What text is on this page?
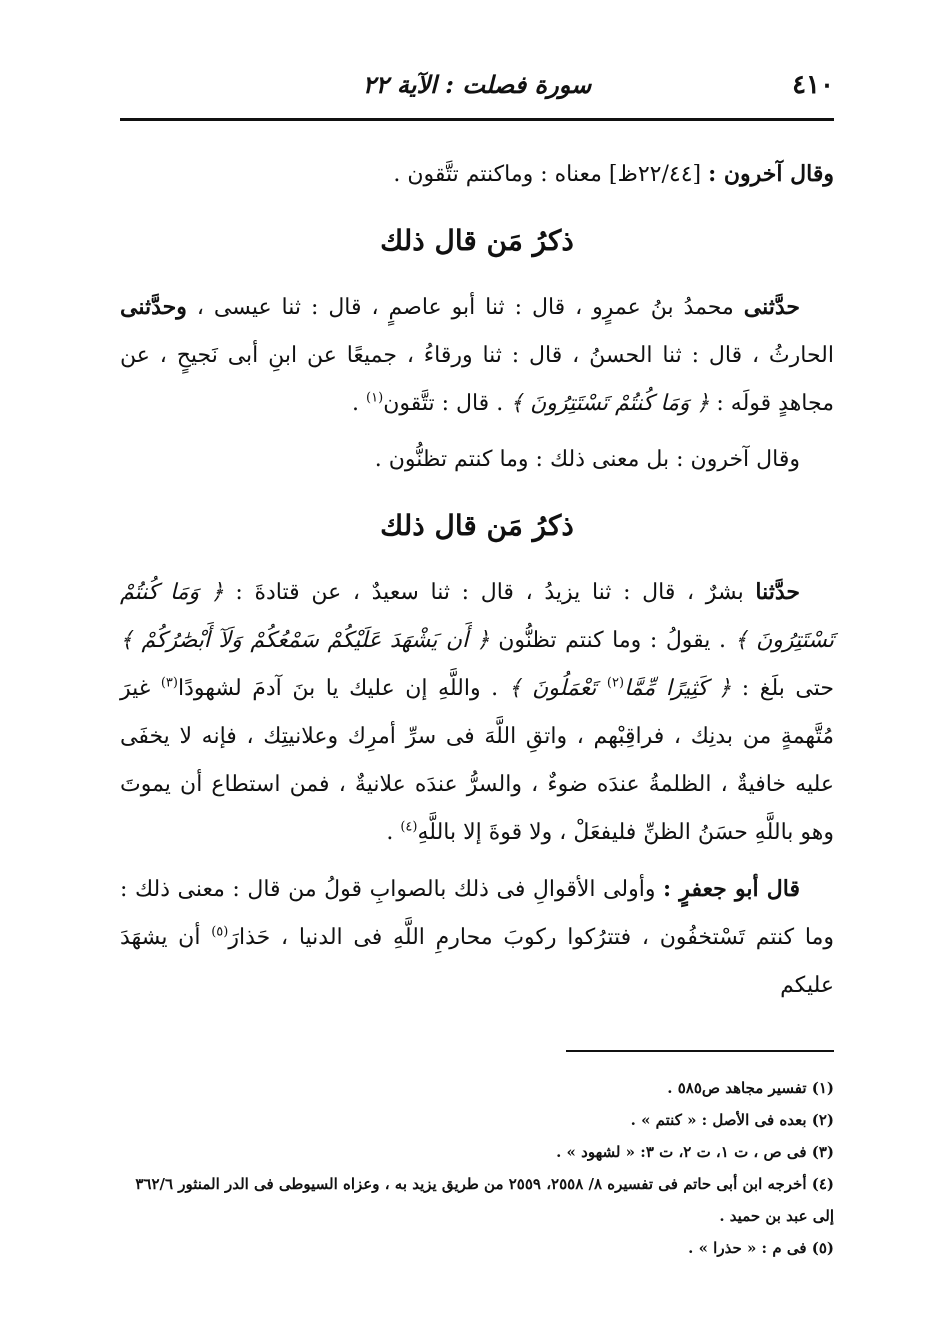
٤١٠
سورة فصلت : الآية ٢٢

وقال آخرون : [٢٢/٤٤ظ] معناه : وماكنتم تتَّقون .

ذكرُ مَن قال ذلك

حدَّثنى محمدُ بنُ عمرٍو ، قال : ثنا أبو عاصمٍ ، قال : ثنا عيسى ، وحدَّثنى الحارثُ ، قال : ثنا الحسنُ ، قال : ثنا ورقاءُ ، جميعًا عن ابنِ أبى نَجيحٍ ، عن مجاهدٍ قولَه : ﴿ وَمَا كُنتُمْ تَسْتَتِرُونَ ﴾ . قال : تتَّقون$^{(١)}$ .

وقال آخرون : بل معنى ذلك : وما كنتم تظنُّون .

ذكرُ مَن قال ذلك

حدَّثنا بشرٌ ، قال : ثنا يزيدُ ، قال : ثنا سعيدٌ ، عن قتادةَ : ﴿ وَمَا كُنتُمْ تَسْتَتِرُونَ ﴾ . يقولُ : وما كنتم تظنُّون ﴿ أَن يَشْهَدَ عَلَيْكُمْ سَمْعُكُمْ وَلَآ أَبْصَٰرُكُمْ ﴾ حتى بلَغ : ﴿ كَثِيرًا مِّمَّا$^{(٢)}$ تَعْمَلُونَ ﴾ . واللَّهِ إن عليك يا بنَ آدمَ لشهودًا$^{(٣)}$ غيرَ مُتَّهمةٍ من بدنِك ، فراقِبْهم ، واتقِ اللَّهَ فى سرِّ أمرِك وعلانيتِك ، فإنه لا يخفَى عليه خافيةٌ ، الظلمةُ عندَه ضوءٌ ، والسرُّ عندَه علانيةٌ ، فمن استطاع أن يموتَ وهو باللَّهِ حسَنُ الظنِّ فليفعَلْ ، ولا قوةَ إلا باللَّهِ$^{(٤)}$ .

قال أبو جعفرٍ : وأولى الأقوالِ فى ذلك بالصوابِ قولُ من قال : معنى ذلك : وما كنتم تَسْتخفُون ، فتترُكوا ركوبَ محارمِ اللَّهِ فى الدنيا ، حَذارَ$^{(٥)}$ أن يشهَدَ عليكم

(١) تفسير مجاهد ص٥٨٥ .

(٢) بعده فى الأصل : « كنتم » .

(٣) فى ص ، ت ١، ت ٢، ت ٣: « لشهود » .

(٤) أخرجه ابن أبى حاتم فى تفسيره ٨/ ٢٥٥٨، ٢٥٥٩ من طريق يزيد به ، وعزاه السيوطى فى الدر المنثور ٣٦٢/٦ إلى عبد بن حميد .

(٥) فى م : « حذرا » .
